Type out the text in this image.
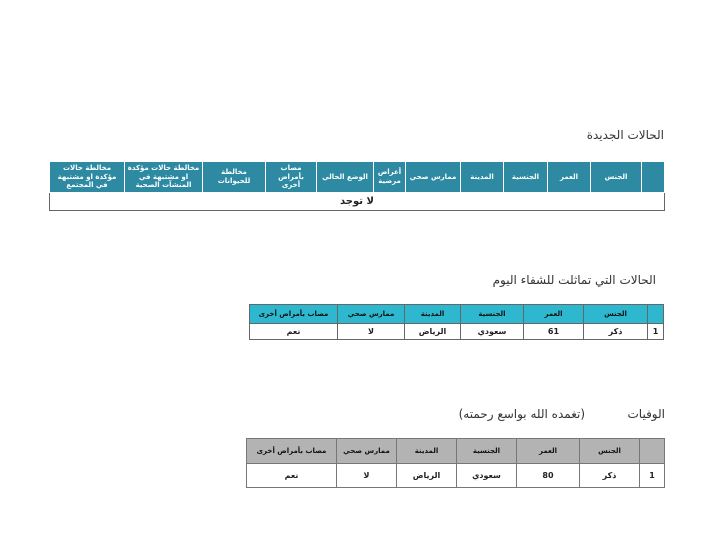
الحالات الجديدة
مخالطة حالات مؤكدة او مشتبهة في المجتمع	مخالطة حالات مؤكدة او مشتبهة في المنشآت الصحية	مخالطة للحيوانات	مصاب بأمراض أخرى	الوضع الحالي	أعراض مرضية	ممارس صحي	المدينة	الجنسية	العمر	الجنس	
لا توجد
الحالات التي تماثلت للشفاء اليوم
مصاب بأمراض أخرى	ممارس صحي	المدينة	الجنسية	العمر	الجنس	
نعم	لا	الرياض	سعودي	61	ذكر	1
الوفيات
(تغمده الله بواسع رحمته)
مصاب بأمراض أخرى	ممارس صحي	المدينة	الجنسية	العمر	الجنس	
نعم	لا	الرياض	سعودي	80	ذكر	1
